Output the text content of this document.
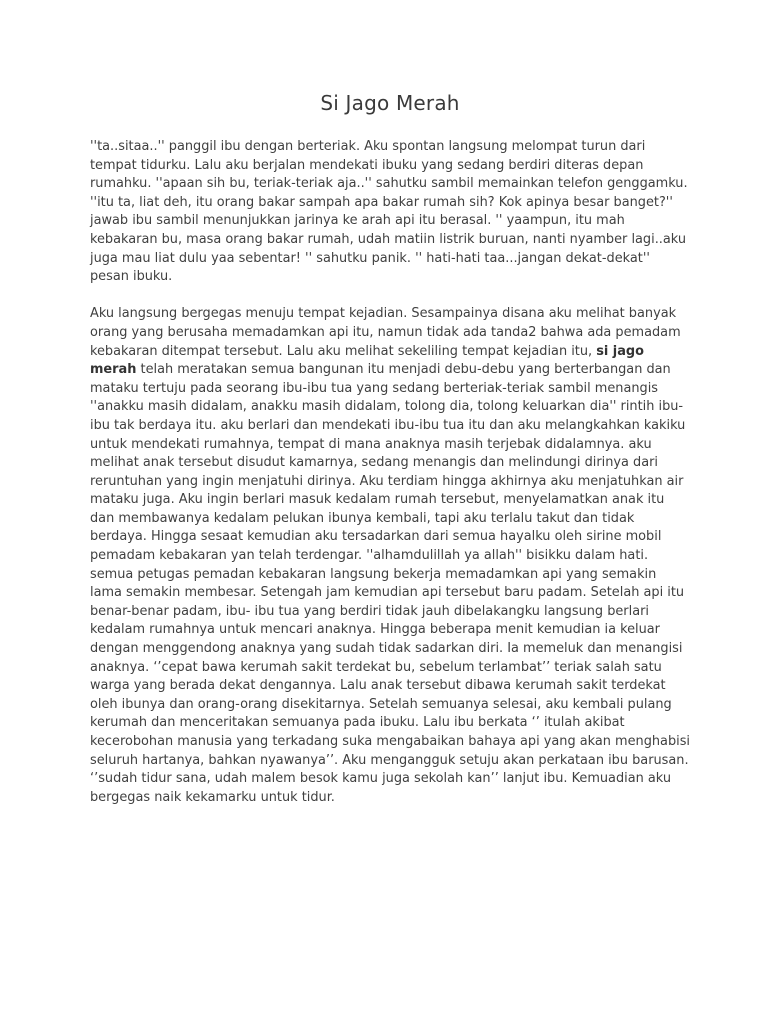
Si Jago Merah

''ta..sitaa..'' panggil ibu dengan berteriak. Aku spontan langsung melompat turun dari tempat tidurku. Lalu aku berjalan mendekati ibuku yang sedang berdiri diteras depan rumahku. ''apaan sih bu, teriak-teriak aja..'' sahutku sambil memainkan telefon genggamku. ''itu ta, liat deh, itu orang bakar sampah apa bakar rumah sih? Kok apinya besar banget?'' jawab ibu sambil menunjukkan jarinya ke arah api itu berasal. '' yaampun, itu mah kebakaran bu, masa orang bakar rumah, udah matiin listrik buruan, nanti nyamber lagi..aku juga mau liat dulu yaa sebentar! '' sahutku panik. '' hati-hati taa...jangan dekat-dekat'' pesan ibuku.

Aku langsung bergegas menuju tempat kejadian. Sesampainya disana aku melihat banyak orang yang berusaha memadamkan api itu, namun tidak ada tanda2 bahwa ada pemadam kebakaran ditempat tersebut. Lalu aku melihat sekeliling tempat kejadian itu, si jago merah telah meratakan semua bangunan itu menjadi debu-debu yang berterbangan dan mataku tertuju pada seorang ibu-ibu tua yang sedang berteriak-teriak sambil menangis ''anakku masih didalam, anakku masih didalam, tolong dia, tolong keluarkan dia'' rintih ibu-ibu tak berdaya itu. aku berlari dan mendekati ibu-ibu tua itu dan aku melangkahkan kakiku untuk mendekati rumahnya, tempat di mana anaknya masih terjebak didalamnya. aku melihat anak tersebut disudut kamarnya, sedang menangis dan melindungi dirinya dari reruntuhan yang ingin menjatuhi dirinya. Aku terdiam hingga akhirnya aku menjatuhkan air mataku juga. Aku ingin berlari masuk kedalam rumah tersebut, menyelamatkan anak itu dan membawanya kedalam pelukan ibunya kembali, tapi aku terlalu takut dan tidak berdaya. Hingga sesaat kemudian aku tersadarkan dari semua hayalku oleh sirine mobil pemadam kebakaran yan telah terdengar. ''alhamdulillah ya allah'' bisikku dalam hati. semua petugas pemadan kebakaran langsung bekerja memadamkan api yang semakin lama semakin membesar. Setengah jam kemudian api tersebut baru padam. Setelah api itu benar-benar padam, ibu- ibu tua yang berdiri tidak jauh dibelakangku langsung berlari kedalam rumahnya untuk mencari anaknya. Hingga beberapa menit kemudian ia keluar dengan menggendong anaknya yang sudah tidak sadarkan diri. Ia memeluk dan menangisi anaknya. ‘’cepat bawa kerumah sakit terdekat bu, sebelum terlambat’’ teriak salah satu warga yang berada dekat dengannya. Lalu anak tersebut dibawa kerumah sakit terdekat oleh ibunya dan orang-orang disekitarnya. Setelah semuanya selesai, aku kembali pulang kerumah dan menceritakan semuanya pada ibuku. Lalu ibu berkata ‘’ itulah akibat kecerobohan manusia yang terkadang suka mengabaikan bahaya api yang akan menghabisi seluruh hartanya, bahkan nyawanya’’. Aku mengangguk setuju akan perkataan ibu barusan. ‘’sudah tidur sana, udah malem besok kamu juga sekolah kan’’ lanjut ibu. Kemuadian aku bergegas naik kekamarku untuk tidur.
